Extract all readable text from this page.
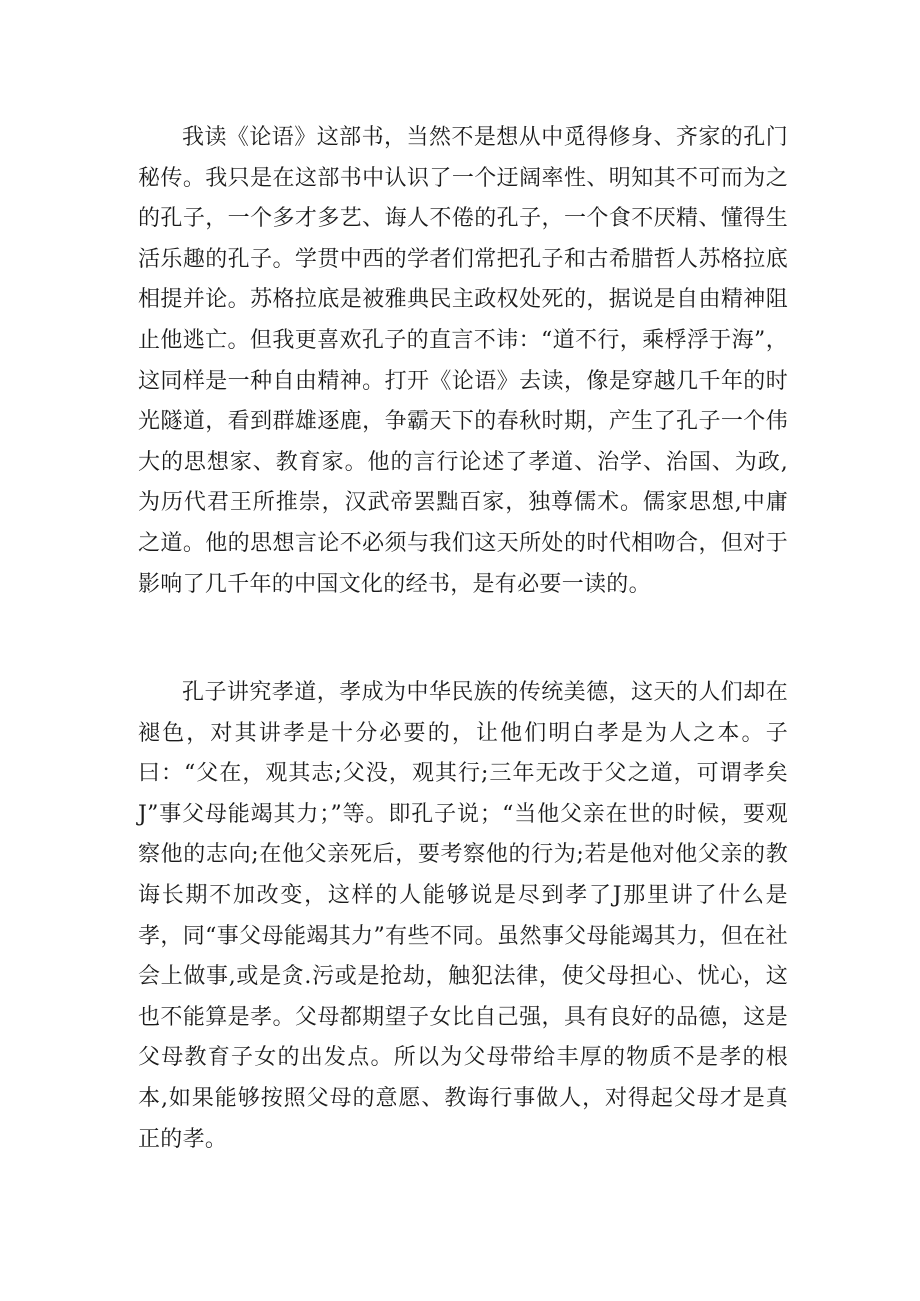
我读《论语》这部书，当然不是想从中觅得修身、齐家的孔门秘传。我只是在这部书中认识了一个迂阔率性、明知其不可而为之的孔子，一个多才多艺、诲人不倦的孔子，一个食不厌精、懂得生活乐趣的孔子。学贯中西的学者们常把孔子和古希腊哲人苏格拉底相提并论。苏格拉底是被雅典民主政权处死的，据说是自由精神阻止他逃亡。但我更喜欢孔子的直言不讳：“道不行，乘桴浮于海”，这同样是一种自由精神。打开《论语》去读，像是穿越几千年的时光隧道，看到群雄逐鹿，争霸天下的春秋时期，产生了孔子一个伟大的思想家、教育家。他的言行论述了孝道、治学、治国、为政,为历代君王所推崇，汉武帝罢黜百家，独尊儒术。儒家思想,中庸之道。他的思想言论不必须与我们这天所处的时代相吻合，但对于影响了几千年的中国文化的经书，是有必要一读的。

孔子讲究孝道，孝成为中华民族的传统美德，这天的人们却在褪色，对其讲孝是十分必要的，让他们明白孝是为人之本。子曰：“父在，观其志;父没，观其行;三年无改于父之道，可谓孝矣J”事父母能竭其力；”等。即孔子说；“当他父亲在世的时候，要观察他的志向;在他父亲死后，要考察他的行为;若是他对他父亲的教诲长期不加改变，这样的人能够说是尽到孝了J那里讲了什么是孝，同“事父母能竭其力”有些不同。虽然事父母能竭其力，但在社会上做事,或是贪.污或是抢劫，触犯法律，使父母担心、忧心，这也不能算是孝。父母都期望子女比自己强，具有良好的品德，这是父母教育子女的出发点。所以为父母带给丰厚的物质不是孝的根本,如果能够按照父母的意愿、教诲行事做人，对得起父母才是真正的孝。
